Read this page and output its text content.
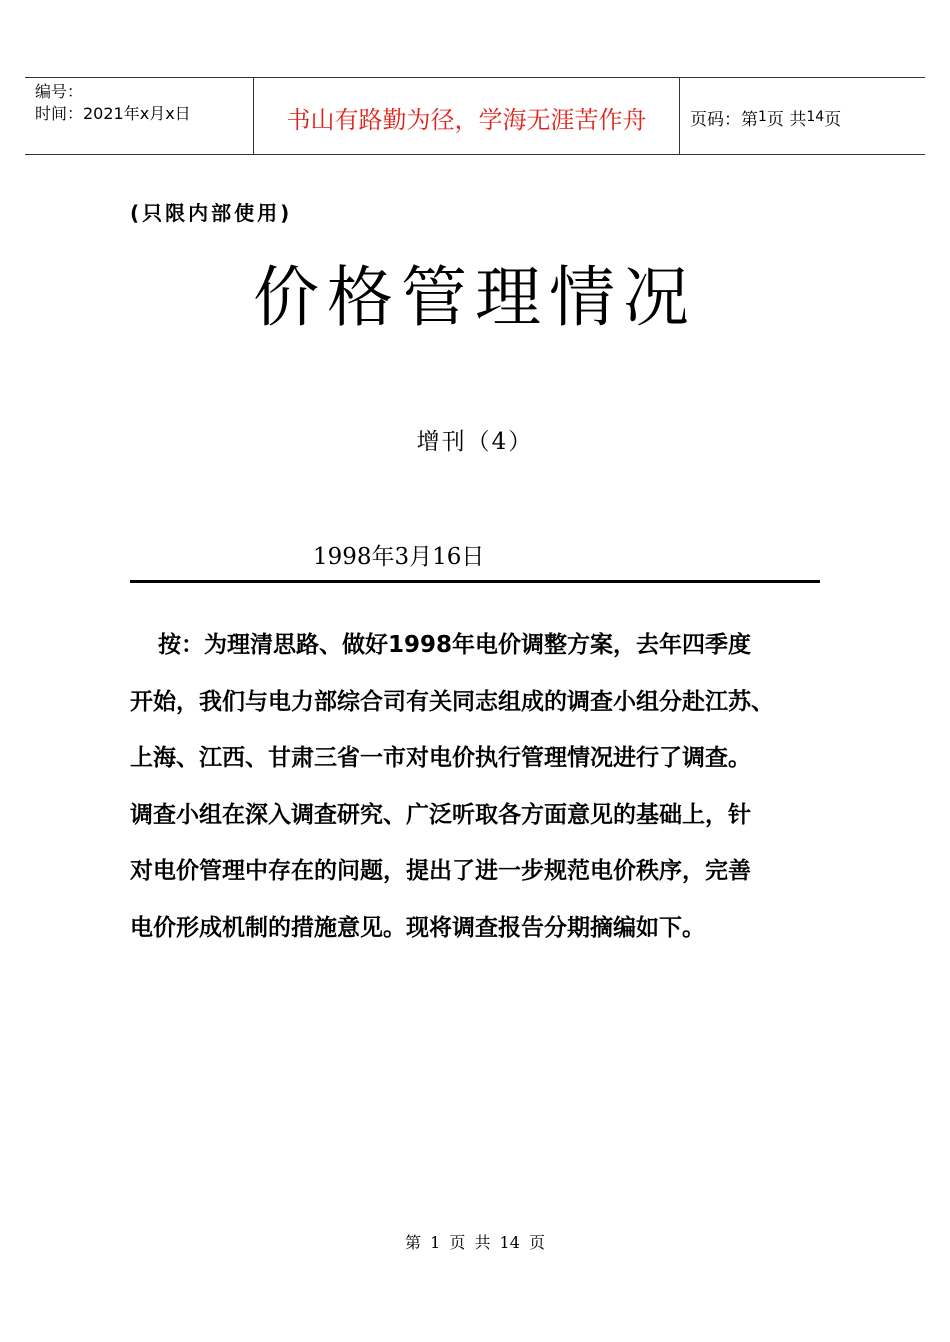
编号：
时间：2021年x月x日	书山有路勤为径，学海无涯苦作舟	页码：第 1 页 共 14 页
(只限内部使用)
价格管理情况
增刊（4）
1998年3月16日
按：为理清思路、做好1998年电价调整方案，去年四季度
开始，我们与电力部综合司有关同志组成的调查小组分赴江苏、
上海、江西、甘肃三省一市对电价执行管理情况进行了调查。
调查小组在深入调查研究、广泛听取各方面意见的基础上，针
对电价管理中存在的问题，提出了进一步规范电价秩序，完善
电价形成机制的措施意见。现将调查报告分期摘编如下。
第 1 页 共 14 页
